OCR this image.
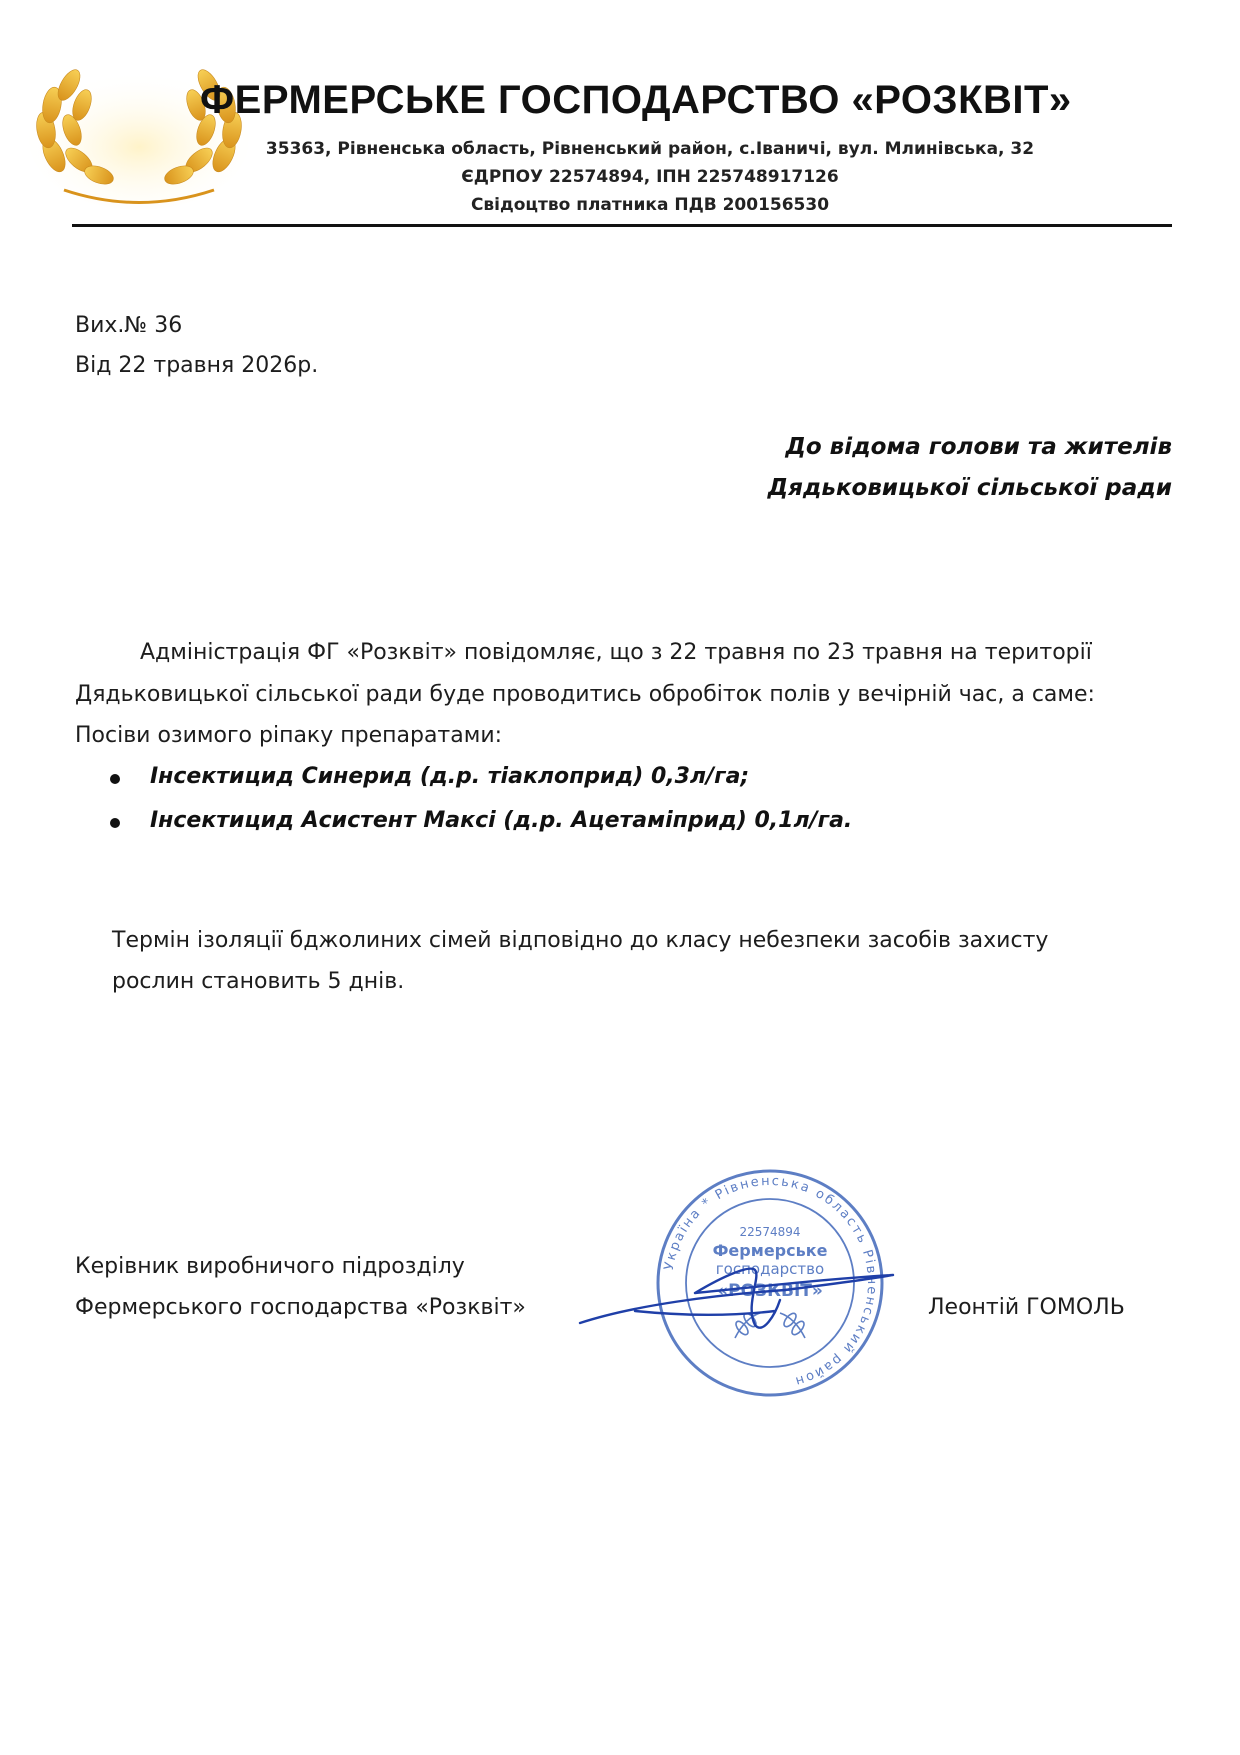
ФЕРМЕРСЬКЕ ГОСПОДАРСТВО «РОЗКВІТ»
35363, Рівненська область, Рівненський район, с.Іваничі, вул. Млинівська, 32
ЄДРПОУ 22574894, ІПН 225748917126
Свідоцтво платника ПДВ 200156530
Вих.№ 36
Від 22 травня 2026р.
До відома голови та жителів
Дядьковицької сільської ради
Адміністрація ФГ «Розквіт» повідомляє, що з 22 травня по 23 травня на території
Дядьковицької сільської ради буде проводитись обробіток полів у вечірній час, а саме:
Посіви озимого ріпаку препаратами:
Інсектицид Синерид (д.р. тіаклоприд) 0,3л/га;
Інсектицид Асистент Максі (д.р. Ацетаміприд) 0,1л/га.
Термін ізоляції бджолиних сімей відповідно до класу небезпеки засобів захисту
рослин становить 5 днів.
Керівник виробничого підрозділу
Фермерського господарства «Розквіт»	Леонтій ГОМОЛЬ
Україна * Рівненська область Рівненський район
22574894
Фермерське
господарство
«РОЗКВІТ»
